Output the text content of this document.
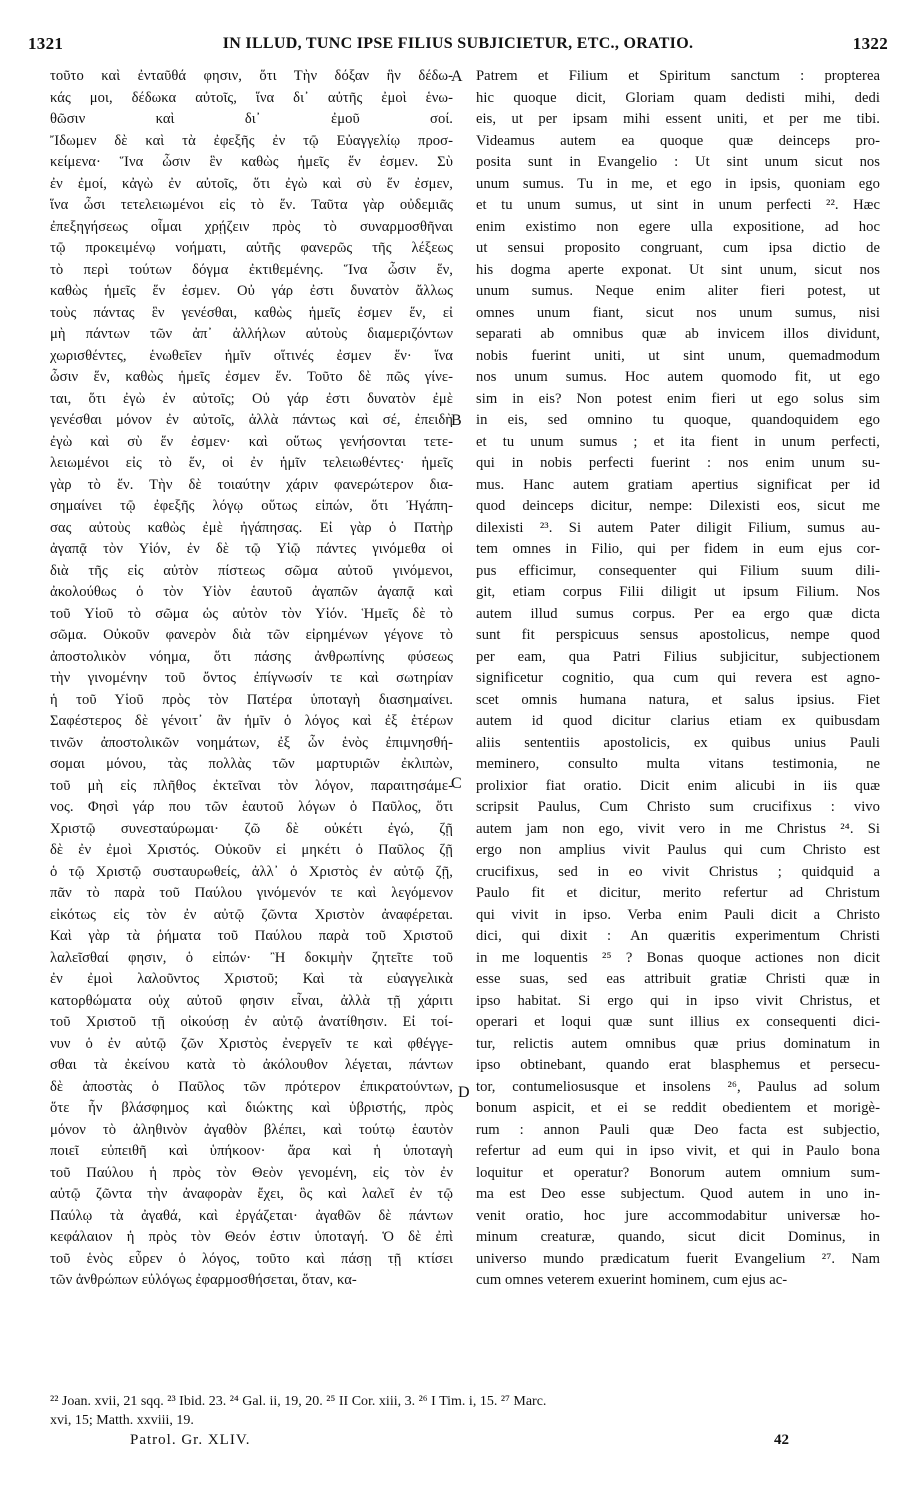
1321	IN ILLUD, TUNC IPSE FILIUS SUBJICIETUR, ETC., ORATIO.	1322
τοῦτο καὶ ἐνταῦθά φησιν, ὅτι Τὴν δόξαν ἣν δέδω-
κάς μοι, δέδωκα αὐτοῖς, ἵνα δι᾽ αὐτῆς ἐμοὶ ἑνω-
θῶσιν καὶ δι᾽ ἐμοῦ σοί.
Ἴδωμεν δὲ καὶ τὰ ἐφεξῆς ἐν τῷ Εὐαγγελίῳ προσ-
κείμενα· Ἵνα ὦσιν ἓν καθὼς ἡμεῖς ἕν ἐσμεν. Σὺ
ἐν ἐμοί, κἀγὼ ἐν αὐτοῖς, ὅτι ἐγὼ καὶ σὺ ἕν ἐσμεν,
ἵνα ὦσι τετελειωμένοι εἰς τὸ ἕν. Ταῦτα γὰρ οὐδεμιᾶς
ἐπεξηγήσεως οἶμαι χρῄζειν πρὸς τὸ συναρμοσθῆναι
τῷ προκειμένῳ νοήματι, αὐτῆς φανερῶς τῆς λέξεως
τὸ περὶ τούτων δόγμα ἐκτιθεμένης. Ἵνα ὦσιν ἕν,
καθὼς ἡμεῖς ἕν ἐσμεν. Οὐ γάρ ἐστι δυνατὸν ἄλλως
τοὺς πάντας ἓν γενέσθαι, καθὼς ἡμεῖς ἐσμεν ἕν, εἰ
μὴ πάντων τῶν ἀπ᾽ ἀλλήλων αὐτοὺς διαμεριζόντων
χωρισθέντες, ἑνωθεῖεν ἡμῖν οἵτινές ἐσμεν ἕν· ἵνα
ὦσιν ἕν, καθὼς ἡμεῖς ἐσμεν ἕν. Τοῦτο δὲ πῶς γίνε-
ται, ὅτι ἐγὼ ἐν αὐτοῖς; Οὐ γάρ ἐστι δυνατὸν ἐμὲ
γενέσθαι μόνον ἐν αὐτοῖς, ἀλλὰ πάντως καὶ σέ, ἐπειδὴ
ἐγὼ καὶ σὺ ἕν ἐσμεν· καὶ οὕτως γενήσονται τετε-
λειωμένοι εἰς τὸ ἕν, οἱ ἐν ἡμῖν τελειωθέντες· ἡμεῖς
γὰρ τὸ ἕν. Τὴν δὲ τοιαύτην χάριν φανερώτερον δια-
σημαίνει τῷ ἐφεξῆς λόγῳ οὕτως εἰπών, ὅτι Ἠγάπη-
σας αὐτοὺς καθὼς ἐμὲ ἠγάπησας. Εἰ γὰρ ὁ Πατὴρ
ἀγαπᾷ τὸν Υἱόν, ἐν δὲ τῷ Υἱῷ πάντες γινόμεθα οἱ
διὰ τῆς εἰς αὐτὸν πίστεως σῶμα αὐτοῦ γινόμενοι,
ἀκολούθως ὁ τὸν Υἱὸν ἑαυτοῦ ἀγαπῶν ἀγαπᾷ καὶ
τοῦ Υἱοῦ τὸ σῶμα ὡς αὐτὸν τὸν Υἱόν. Ἡμεῖς δὲ τὸ
σῶμα. Οὐκοῦν φανερὸν διὰ τῶν εἰρημένων γέγονε τὸ
ἀποστολικὸν νόημα, ὅτι πάσης ἀνθρωπίνης φύσεως
τὴν γινομένην τοῦ ὄντος ἐπίγνωσίν τε καὶ σωτηρίαν
ἡ τοῦ Υἱοῦ πρὸς τὸν Πατέρα ὑποταγὴ διασημαίνει.
Σαφέστερος δὲ γένοιτ᾽ ἂν ἡμῖν ὁ λόγος καὶ ἐξ ἑτέρων
τινῶν ἀποστολικῶν νοημάτων, ἐξ ὧν ἑνὸς ἐπιμνησθή-
σομαι μόνου, τὰς πολλὰς τῶν μαρτυριῶν ἐκλιπὼν,
τοῦ μὴ εἰς πλῆθος ἐκτεῖναι τὸν λόγον, παραιτησάμε-
νος. Φησὶ γάρ που τῶν ἑαυτοῦ λόγων ὁ Παῦλος, ὅτι
Χριστῷ συνεσταύρωμαι· ζῶ δὲ οὐκέτι ἐγώ, ζῇ
δὲ ἐν ἐμοὶ Χριστός. Οὐκοῦν εἰ μηκέτι ὁ Παῦλος ζῇ
ὁ τῷ Χριστῷ συσταυρωθείς, ἀλλ᾽ ὁ Χριστὸς ἐν αὐτῷ ζῇ,
πᾶν τὸ παρὰ τοῦ Παύλου γινόμενόν τε καὶ λεγόμενον
εἰκότως εἰς τὸν ἐν αὐτῷ ζῶντα Χριστὸν ἀναφέρεται.
Καὶ γὰρ τὰ ῥήματα τοῦ Παύλου παρὰ τοῦ Χριστοῦ
λαλεῖσθαί φησιν, ὁ εἰπών· Ἢ δοκιμὴν ζητεῖτε τοῦ
ἐν ἐμοὶ λαλοῦντος Χριστοῦ; Καὶ τὰ εὐαγγελικὰ
κατορθώματα οὐχ αὐτοῦ φησιν εἶναι, ἀλλὰ τῇ χάριτι
τοῦ Χριστοῦ τῇ οἰκούσῃ ἐν αὐτῷ ἀνατίθησιν. Εἰ τοί-
νυν ὁ ἐν αὐτῷ ζῶν Χριστὸς ἐνεργεῖν τε καὶ φθέγγε-
σθαι τὰ ἐκείνου κατὰ τὸ ἀκόλουθον λέγεται, πάντων
δὲ ἀποστὰς ὁ Παῦλος τῶν πρότερον ἐπικρατούντων,
ὅτε ἦν βλάσφημος καὶ διώκτης καὶ ὑβριστής, πρὸς
μόνον τὸ ἀληθινὸν ἀγαθὸν βλέπει, καὶ τούτῳ ἑαυτὸν
ποιεῖ εὐπειθῆ καὶ ὑπήκοον· ἄρα καὶ ἡ ὑποταγὴ
τοῦ Παύλου ἡ πρὸς τὸν Θεὸν γενομένη, εἰς τὸν ἐν
αὐτῷ ζῶντα τὴν ἀναφορὰν ἔχει, ὃς καὶ λαλεῖ ἐν τῷ
Παύλῳ τὰ ἀγαθά, καὶ ἐργάζεται· ἀγαθῶν δὲ πάντων
κεφάλαιον ἡ πρὸς τὸν Θεόν ἐστιν ὑποταγή. Ὁ δὲ ἐπὶ
τοῦ ἑνὸς εὗρεν ὁ λόγος, τοῦτο καὶ πάσῃ τῇ κτίσει
τῶν ἀνθρώπων εὐλόγως ἐφαρμοσθήσεται, ὅταν, κα-
Patrem et Filium et Spiritum sanctum : propterea
hic quoque dicit, Gloriam quam dedisti mihi, dedi
eis, ut per ipsam mihi essent uniti, et per me tibi.
Videamus autem ea quoque quæ deinceps pro-
posita sunt in Evangelio : Ut sint unum sicut nos
unum sumus. Tu in me, et ego in ipsis, quoniam ego
et tu unum sumus, ut sint in unum perfecti ²². Hæc
enim existimo non egere ulla expositione, ad hoc
ut sensui proposito congruant, cum ipsa dictio de
his dogma aperte exponat. Ut sint unum, sicut nos
unum sumus. Neque enim aliter fieri potest, ut
omnes unum fiant, sicut nos unum sumus, nisi
separati ab omnibus quæ ab invicem illos dividunt,
nobis fuerint uniti, ut sint unum, quemadmodum
nos unum sumus. Hoc autem quomodo fit, ut ego
sim in eis? Non potest enim fieri ut ego solus sim
in eis, sed omnino tu quoque, quandoquidem ego
et tu unum sumus ; et ita fient in unum perfecti,
qui in nobis perfecti fuerint : nos enim unum su-
mus. Hanc autem gratiam apertius significat per id
quod deinceps dicitur, nempe: Dilexisti eos, sicut me
dilexisti ²³. Si autem Pater diligit Filium, sumus au-
tem omnes in Filio, qui per fidem in eum ejus cor-
pus efficimur, consequenter qui Filium suum dili-
git, etiam corpus Filii diligit ut ipsum Filium. Nos
autem illud sumus corpus. Per ea ergo quæ dicta
sunt fit perspicuus sensus apostolicus, nempe quod
per eam, qua Patri Filius subjicitur, subjectionem
significetur cognitio, qua cum qui revera est agno-
scet omnis humana natura, et salus ipsius. Fiet
autem id quod dicitur clarius etiam ex quibusdam
aliis sententiis apostolicis, ex quibus unius Pauli
meminero, consulto multa vitans testimonia, ne
prolixior fiat oratio. Dicit enim alicubi in iis quæ
scripsit Paulus, Cum Christo sum crucifixus : vivo
autem jam non ego, vivit vero in me Christus ²⁴. Si
ergo non amplius vivit Paulus qui cum Christo est
crucifixus, sed in eo vivit Christus ; quidquid a
Paulo fit et dicitur, merito refertur ad Christum
qui vivit in ipso. Verba enim Pauli dicit a Christo
dici, qui dixit : An quæritis experimentum Christi
in me loquentis ²⁵ ? Bonas quoque actiones non dicit
esse suas, sed eas attribuit gratiæ Christi quæ in
ipso habitat. Si ergo qui in ipso vivit Christus, et
operari et loqui quæ sunt illius ex consequenti dici-
tur, relictis autem omnibus quæ prius dominatum in
ipso obtinebant, quando erat blasphemus et persecu-
tor, contumeliosusque et insolens ²⁶, Paulus ad solum
bonum aspicit, et ei se reddit obedientem et morigè-
rum : annon Pauli quæ Deo facta est subjectio,
refertur ad eum qui in ipso vivit, et qui in Paulo bona
loquitur et operatur? Bonorum autem omnium sum-
ma est Deo esse subjectum. Quod autem in uno in-
venit oratio, hoc jure accommodabitur universæ ho-
minum creaturæ, quando, sicut dicit Dominus, in
universo mundo prædicatum fuerit Evangelium ²⁷. Nam
cum omnes veterem exuerint hominem, cum ejus ac-
A
B
C
D
²² Joan. xvii, 21 sqq. ²³ Ibid. 23. ²⁴ Gal. ii, 19, 20. ²⁵ II Cor. xiii, 3. ²⁶ I Tim. i, 15. ²⁷ Marc.
xvi, 15; Matth. xxviii, 19.
Patrol. Gr. XLIV.	42
